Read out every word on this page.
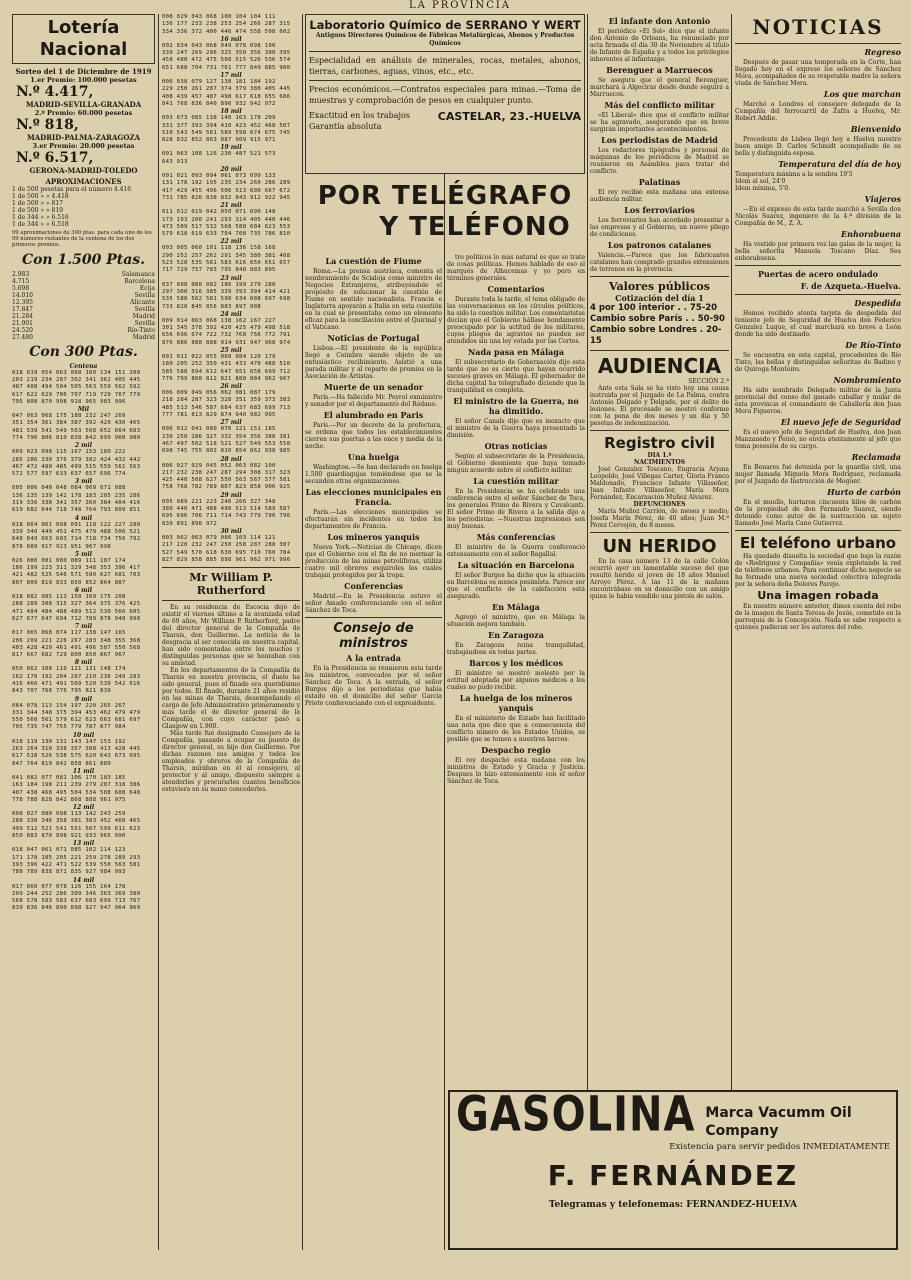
LA PROVINCIA
Lotería Nacional
Sorteo del 1 de Diciembre de 1919
1.er Premio: 100.000 pesetas
N.º 4.417,
MADRID-SEVILLA-GRANADA
2.º Premio: 60.000 pesetas
N.º 818,
MADRID-PALMA-ZARAGOZA
3.er Premio: 20.000 pesetas
N.º 6.517,
GERONA-MADRID-TOLEDO
APROXIMACIONES
1 de 500 pesetas para el número 4.416
1 de 500 » » 4.418
1 de 500 » » 817
1 de 500 » » 819
1 de 344 » » 6.516
1 de 344 » » 6.518
99 aproximaciones de 300 ptas. para cada uno de los 99 números restantes de la centena de los dos primeros premios.
Con 1.500 Ptas.
2.983	Salamanca
4.715	Barcelona
5.698	Ecija
14.010	Sevilla
12.395	Alicante
17.847	Sevilla
21.284	Madrid
21.901	Sevilla
24.520	Río-Tinto
27.480	Madrid
Con 300 Ptas.
Centena
018 019 054 063 068 100 134 151 208
203 219 234 287 302 341 362 405 445
487 488 494 504 505 563 559 562 592
617 622 629 706 707 719 729 767 779
795 808 870 908 918 965 983 996
Mil
047 063 068 175 188 232 247 269
351 354 361 384 387 392 420 430 465
481 539 541 549 563 568 652 664 683
774 796 806 810 838 842 899 960 980
2 mil
009 023 098 115 167 153 180 222
285 286 330 376 379 382 424 432 442
467 472 480 485 499 515 559 561 563
572 577 597 633 637 657 696 774
3 mil
005 006 040 048 084 069 071 088
136 135 139 142 178 183 205 235 286
319 336 338 341 357 360 384 404 416
619 682 644 718 748 764 793 809 851
4 mil
018 064 061 098 091 118 122 227 280
339 340 449 451 475 479 488 506 521
648 849 663 683 714 718 734 756 792
878 889 917 923 951 967 998
5 mil
026 080 081 080 089 111 187 174
186 199 223 311 329 348 353 396 417
421 482 525 546 571 580 627 681 703
807 809 819 833 850 852 864 887
6 mil
018 082 085 113 158 169 175 208
288 289 308 315 327 364 375 376 425
471 484 484 488 489 512 530 566 605
627 677 647 694 712 789 878 948 998
7 mil
017 065 068 074 117 138 147 165
206 209 221 226 267 283 348 355 368
403 428 429 461 491 496 507 550 568
817 667 682 729 800 850 867 967
8 mil
050 062 108 110 121 131 148 174
162 170 192 204 207 210 236 240 283
416 466 471 491 509 520 539 542 616
843 707 768 776 795 821 839
9 mil
084 078 113 154 197 220 265 267
331 344 348 375 394 453 462 479 479
550 560 561 579 612 623 663 681 697
705 735 747 755 779 787 877 984
10 mil
018 119 130 131 143 147 153 192
263 264 310 338 357 388 413 428 445
617 518 526 538 575 620 643 673 695
847 764 819 842 858 861 889
11 mil
041 082 077 081 106 170 183 185
163 184 198 211 239 279 287 318 386
407 438 468 495 504 534 588 608 648
778 788 828 842 868 888 961 975
12 mil
008 027 080 098 113 142 243 259
288 330 346 358 381 383 452 460 465
499 512 521 541 551 567 599 611 623
850 883 870 898 921 933 965 990
13 mil
018 047 061 071 085 102 114 123
171 178 185 205 221 259 278 289 293
393 396 422 471 522 539 550 563 581
788 789 838 871 835 927 984 993
14 mil
017 060 077 078 126 155 164 178
209 244 252 286 309 346 363 369 380
568 578 583 583 637 683 699 713 767
839 836 846 890 898 927 947 964 969
008 029 043 068 100 104 104 111
136 177 233 238 253 254 266 287 315
334 336 372 400 446 474 558 598 602
16 mil
002 034 043 068 049 078 098 190
339 247 269 296 325 350 356 390 395
458 480 472 475 508 515 526 536 574
651 688 704 731 761 777 849 885 900
17 mil
006 038 079 127 138 181 184 192
229 250 261 287 374 379 380 405 445
408 439 457 487 498 617 618 655 686
841 768 836 840 896 932 942 972
18 mil
003 073 085 138 148 163 178 209
331 377 393 394 410 423 452 468 507
510 543 549 561 589 598 674 675 745
828 832 852 863 887 909 915 971
19 mil
001 063 108 126 230 487 521 573
643 913
20 mil
001 021 093 094 061 073 099 133
131 178 192 195 235 234 260 286 289
417 429 455 496 506 513 600 667 672
731 785 826 838 832 843 912 922 945
21 mil
011 012 019 042 050 071 090 148
173 193 200 241 293 314 405 440 446
473 509 517 532 568 588 604 623 553
579 618 619 633 704 708 735 786 810
22 mil
003 005 060 101 118 136 158 168
290 252 257 262 291 345 380 381 408
523 528 535 581 583 616 650 651 657
717 729 757 783 795 848 883 895
23 mil
037 098 080 082 186 199 279 280
297 300 316 385 339 393 394 414 421
535 588 562 581 598 634 688 697 698
733 828 845 856 883 897 908
24 mil
009 014 063 068 138 162 167 227
301 345 378 392 420 425 479 498 518
656 696 674 722 732 768 756 772 791
876 886 888 888 914 931 947 968 974
25 mil
001 011 022 055 060 084 120 179
180 205 252 350 431 433 470 488 510
585 588 694 612 647 651 658 699 712
776 799 808 812 821 888 884 962 967
26 mil
006 009 049 056 062 081 087 179
218 284 287 323 328 351 359 373 383
485 513 546 587 684 637 683 699 713
777 781 813 829 874 940 982 995
27 mil
006 012 041 080 076 121 151 185
230 250 286 327 332 354 356 388 381
467 497 502 518 521 527 549 553 558
698 745 755 802 810 854 862 938 985
28 mil
006 027 029 045 052 063 082 100
217 232 238 247 287 294 308 317 323
425 440 508 627 550 563 567 577 581
758 768 782 789 807 823 858 906 925
29 mil
005 089 221 223 246 266 327 348
380 440 471 488 490 513 514 589 587
695 696 706 711 714 743 779 790 796
839 891 898 972
30 mil
003 062 063 079 086 103 114 121
217 220 232 247 250 258 287 288 307
527 549 570 618 630 695 710 760 784
827 829 858 885 898 961 962 971 996
Mr William P. Rutherford
En su residencia de Escocia dejó de existir el viernes último a la avanzada edad de 69 años, Mr William P. Rutherford, padre del director general de la Compañía de Tharsis, don Guillermo. La noticia de la desgracia al ser conocida en nuestra capital, han sido comentadas entre los muchos y distinguidas personas que se honraban con su amistad.
En los departamentos de la Compañía de Tharsis en nuestra provincia, el duelo ha sido general, pues el finado era queridísimo por todos. El finado, durante 21 años residió en las minas de Tharsis, desempeñando el cargo de Jefe Administrativo primeramente y más tarde el de director general de la Compañía, con cuyo carácter pasó a Glasgow en 1.900.
Más tarde fué designado Consejero de la Compañía, pasando a ocupar su puesto de director general, su hijo don Guillermo. Por dichas razones sus amigos y todos los empleados y obreros de la Compañía de Tharsis, mirában en él al consejero, al protector y al amigo, dispuesto siempre a atenderles y procurarles cuantos beneficios estuviera en su mano concederles.
Laboratorio Químico de SERRANO Y WERT
Antiguos Directores Químicos de Fábricas Metalúrgicas, Abonos y Productos Químicos
Especialidad en análisis de minerales, rocas, metales, abonos, tierras, carbones, aguas, vinos, etc., etc.
Precios económicos.—Contratos especiales para minas.—Toma de muestras y comprobación de pesos en cualquier punto.
Exactitud en los trabajos
Garantía absoluta
CASTELAR, 23.-HUELVA
POR TELÉGRAFO
Y TELÉFONO
La cuestión de Fiume
Roma.—La prensa austríaca, comenta el nombramiento de Scialoja como ministro de Negocios Extranjeros, atribuyéndole el propósito de solucionar la cuestión de Fiume en sentido nacionalista. Francia e Inglaterra apoyarán a Italia en esta cuestión en la cual se presentaba como un elemento eficaz para la conciliación entre el Quirinal y el Vaticano.
Noticias de Portugal
Lisboa.—El presidente de la república llegó a Coimbra siendo objeto de un entusiástico recibimiento. Asistió a una parada militar y al reparto de premios en la Asociación de Artistas.
Muerte de un senador
París.—Ha fallecido Mr. Peyrol exministro y senador por el departamento del Ródano.
El alumbrado en Paris
París.—Por un decreto de la prefectura, se ordena que todos los establecimientos cierren sus puertas a las once y media de la noche.
Una huelga
Washington.—Se han declarado en huelga 1.500 guardiagujas temiéndose que se la secunden otras organizaciones.
Las elecciones municipales en Francia.
París.—Las elecciones municipales se efectuarán sin incidentes en todos los departamentos de Francia.
Los mineros yanquis
Nueva York.—Noticias de Chicago, dicen que el Gobierno con el fin de no mermar la producción de las minas petrolíferas, utiliza cuatro mil obreros esquiroles los cuales trabajan protegidos por la tropa.
Conferencias
Madrid.—En la Presidencia estuvo el señor Amado conferenciando con el señor Sánchez de Toca.
Consejo de ministros
A la entrada
En la Presidencia se reunieron esta tarde los ministros, convocados por el señor Sánchez de Toca. A la entrada, el señor Burgos dijo a los periodistas que había estado en el domicilio del señor García Prieto conferenciando con el expresidente.
tro políticos lo más natural es que se trate de cosas políticas. Hemos hablado de eso al marqués de Alhucemas y yo pero en términos generales.
Comentarios
Durante toda la tarde, el tema obligado de las conversaciones en los círculos políticos, ha sido la cuestión militar. Los comentaristas decían que el Gobierno hállase hondamente preocupado por la actitud de los militares, cuyos pliegos de agravios no pueden ser atendidos sin una ley votada por las Cortes.
Nada pasa en Málaga
El subsecretario de Gobernación dijo esta tarde que no es cierto que hayan ocurrido sucesos graves en Málaga. El gobernador de dicha capital ha telegrafiado diciendo que la tranquilidad es completa.
El ministro de la Guerra, no ha dimitido.
El señor Canals dijo que es inexacto que el ministro de la Guerra haya presentado la dimisión.
Otras noticias
Según el subsecretario de la Presidencia, el Gobierno desmiente que haya tomado ningún acuerdo sobre el conflicto militar.
La cuestión militar
En la Presidencia se ha celebrado una conferencia entre el señor Sánchez de Toca, los generales Primo de Rivera y Cavalcanti. El señor Primo de Rivera a la salida dijo a los periodistas: —Nuestras impresiones son muy buenas.
Más conferencias
El ministro de la Guerra conferenció extensamente con el señor Bagallal.
La situación en Barcelona
El señor Burgos ha dicho que la situación en Barcelona es menos pesimista. Parece ser que el conflicto de la calefacción está asegurado.
En Málaga
Agregó el ministro, que en Málaga la situación mejora también.
En Zaragoza
En Zaragoza reina tranquilidad, trabajándose en todas partes.
Barcos y los médicos
El ministro se mostró molesto por la actitud adoptada por algunos médicos a los cuales no pudo recibir.
La huelga de los mineros yanquis
En el ministerio de Estado han facilitado una nota que dice que a consecuencia del conflicto minero de los Estados Unidos, es posible que se tomen a nuestros barcos.
Despacho regio
El rey despachó esta mañana con los ministros de Estado y Gracia y Justicia. Despues lo hizo extensamente con el señor Sánchez de Toca.
El infante don Antonio
El periódico «El Sol» dice que el infante don Antonio de Orleans, ha renunciado por acta firmada el día 30 de Noviembre al título de Infante de España y a todos los privilegios inherentes al infantazgo.
Berenguer a Marruecos
Se asegura que el general Berenguer, marchará a Algeciras desde donde seguirá a Marruecos.
Más del conflicto militar
«El Liberal» dice que el conflicto militar se ha agravado, asegurando que en breve surgirán importantes acontecimientos.
Los periodistas de Madrid
Los redactores tipógrafos y personal de máquinas de los periódicos de Madrid se reunieron en Asamblea para tratar del conflicto.
Palatinas
El rey recibió esta mañana una extensa audiencia militar.
Los ferroviarios
Los ferroviarios han acordado presentar a las empresas y al Gobierno, un nuevo pliego de condiciones.
Los patronos catalanes
Valencia.—Parece que los fabricantes catalanes han comprado grandes extensiones de terrenos en la provincia.
Valores públicos
Cotización del día 1
4 por 100 interior . . 75-20
Cambio sobre París . . 50-90
Cambio sobre Londres . 20-15
AUDIENCIA
SECCIÓN 2.ª
Ante esta Sala se ha visto hoy una causa instruida por el Juzgado de La Palma, contra Antonio Delgado y Delgado, por el delito de lesiones. El procesado se mostró conforme con la pena de dos meses y un día y 50 pesetas de indemnización.
Registro civil
DIA 1.º
NACIMIENTOS
José Gonzalez Toscano, Engracia Arjona Leopoldo, José Villegas Carter, Gloria Franco Maldonado, Francisco Infante Villaseñor, Juan Infante Villaseñor, María Mora Fernández, Encarnación Muñoz Alvarez.
DEFUNCIONES
María Muñoz Carrión, de meses y medio; Josefa Marín Pérez, de 40 años; Juan M.ª Pérez Cervejón, de 8 meses.
UN HERIDO
En la casa número 13 de la calle Colón ocurrió ayer un lamentable suceso del que resultó herido el joven de 18 años Manuel Arroyo Pérez. A las 11 de la mañana encontrábase en su domicilio con un amigo quien le había vendido una pistola de salón.
NOTICIAS
Regreso
Después de pasar una temporada en la Corte, han llegado hoy en el expreso los señores de Sánchez Mora, acompañados de su respetable madre la señora viuda de Sánchez Mora.
Los que marchan
Marchó a Londres el consejero delegado de la Compañía del ferrocarril de Zafra a Huelva, Mr. Robert Addie.
Bienvenido
Procedente de Lisboa llegó hoy a Huelva nuestro buen amigo D. Carlos Schmidt acompañado de su bella y distinguida esposa.
Temperatura del día de hoy
Temperatura máxima a la sombra 19'5
Idem al sol, 24'0
Idem mínima, 5'0.
Viajeros
—En el expreso de esta tarde marchó a Sevilla don Nicolás Suárez, ingeniero de la 4.ª división de la Compañía de M., Z. A.
Enhorabuena
Ha vestido por primera vez las galas de la mujer, la bella señorita Manuela Toscano Díaz. Sea enhorabuena.
Puertas de acero ondulado
F. de Azqueta.-Huelva.
Despedida
Hemos recibido atenta tarjeta de despedida del teniente jefe de Seguridad de Huelva don Federico Gonzalez Luque, el cual marchará en breve a León donde ha sido destinado.
De Río-Tinto
Se encuentra en esta capital, procedentes de Río Tinto, las bellas y distinguidas señoritas de Badino y de Quiroga Monteiro.
Nombramiento
Ha sido nombrado Delegado militar de la Junta provincial del censo del ganado caballar y mular de esta provincia el comandante de Caballería don Juan Mora Figueroa.
El nuevo jefe de Seguridad
Es el nuevo jefe de Seguridad de Huelva, don Juan Manzanedo y Peinó, no envía atentamente al jefe que toma posesión de su cargo.
Reclamada
En Bonares fué detenida por la guardia civil, una mujer llamada Miguela Mora Rodríguez, reclamada por el Juzgado de Instrucción de Moguer.
Hurto de carbón
En el muelle, hurtaron cincuenta kilos de carbón de la propiedad de don Fernando Suarez, siendo detenido como autor de la sustracción un sujeto llamado José María Cano Gutierrez.
El teléfono urbano
Ha quedado disuelta la sociedad que bajo la razón de «Rodríguez y Compañía» venía explotando la red de teléfonos urbanos. Para continuar dicho negocio se ha formado una nueva sociedad colectiva integrada por la señora doña Dolores Parejo.
Una imagen robada
En nuestro número anterior, dimos cuenta del robo de la imagen de Santa Teresa de Jesús, cometido en la parroquia de la Concepción. Nada se sabe respecto a quienes pudieran ser los autores del robo.
GASOLINA Marca Vacumm Oil Company
Existencia para servir pedidos INMEDIATAMENTE
F. FERNÁNDEZ
Telegramas y telefonemas: FERNANDEZ-HUELVA
